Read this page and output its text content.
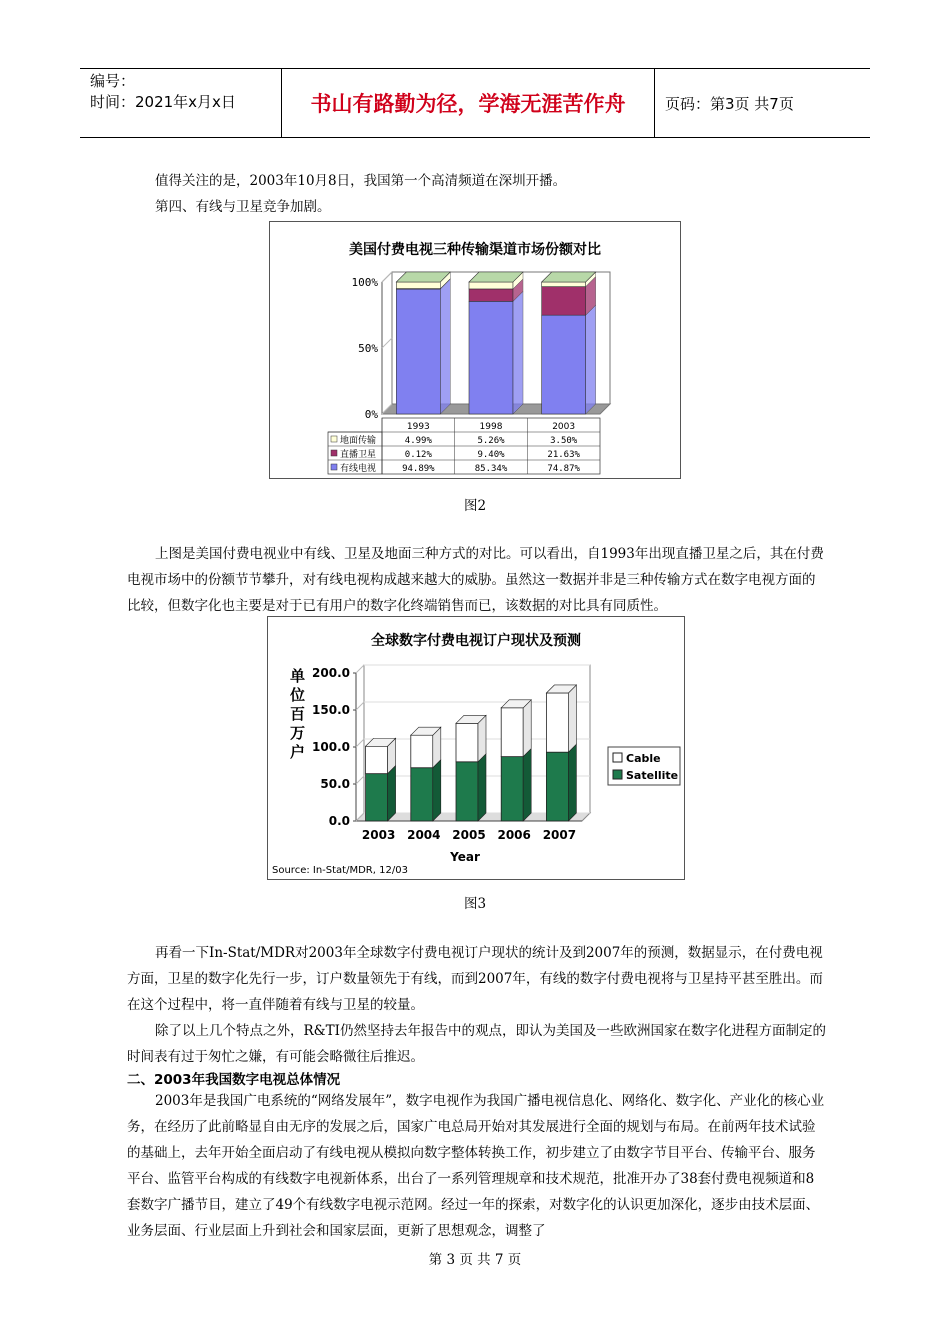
编号：
时间：2021年x月x日	书山有路勤为径，学海无涯苦作舟	页码：第3页 共7页

值得关注的是，2003年10月8日，我国第一个高清频道在深圳开播。

第四、有线与卫星竞争加剧。

美国付费电视三种传输渠道市场份额对比
100%
50%
0%
1993	1998	2003
地面传输	4.99%	5.26%	3.50%
直播卫星	0.12%	9.40%	21.63%
有线电视	94.89%	85.34%	74.87%
图2

上图是美国付费电视业中有线、卫星及地面三种方式的对比。可以看出，自1993年出现直播卫星之后，其在付费电视市场中的份额节节攀升，对有线电视构成越来越大的威胁。虽然这一数据并非是三种传输方式在数字电视方面的比较，但数字化也主要是对于已有用户的数字化终端销售而已，该数据的对比具有同质性。

全球数字付费电视订户现状及预测
单
位
百
万
户
200.0
150.0
100.0
50.0
0.0
2003 2004 2005 2006 2007
Year
Cable
Satellite
Source: In-Stat/MDR, 12/03
图3

再看一下In-Stat/MDR对2003年全球数字付费电视订户现状的统计及到2007年的预测，数据显示，在付费电视方面，卫星的数字化先行一步，订户数量领先于有线，而到2007年，有线的数字付费电视将与卫星持平甚至胜出。而在这个过程中，将一直伴随着有线与卫星的较量。

除了以上几个特点之外，R&TI仍然坚持去年报告中的观点，即认为美国及一些欧洲国家在数字化进程方面制定的时间表有过于匆忙之嫌，有可能会略微往后推迟。

二、2003年我国数字电视总体情况

2003年是我国广电系统的“网络发展年”，数字电视作为我国广播电视信息化、网络化、数字化、产业化的核心业务，在经历了此前略显自由无序的发展之后，国家广电总局开始对其发展进行全面的规划与布局。在前两年技术试验的基础上，去年开始全面启动了有线电视从模拟向数字整体转换工作，初步建立了由数字节目平台、传输平台、服务平台、监管平台构成的有线数字电视新体系，出台了一系列管理规章和技术规范，批准开办了38套付费电视频道和8套数字广播节目，建立了49个有线数字电视示范网。经过一年的探索，对数字化的认识更加深化，逐步由技术层面、业务层面、行业层面上升到社会和国家层面，更新了思想观念，调整了

第 3 页 共 7 页
